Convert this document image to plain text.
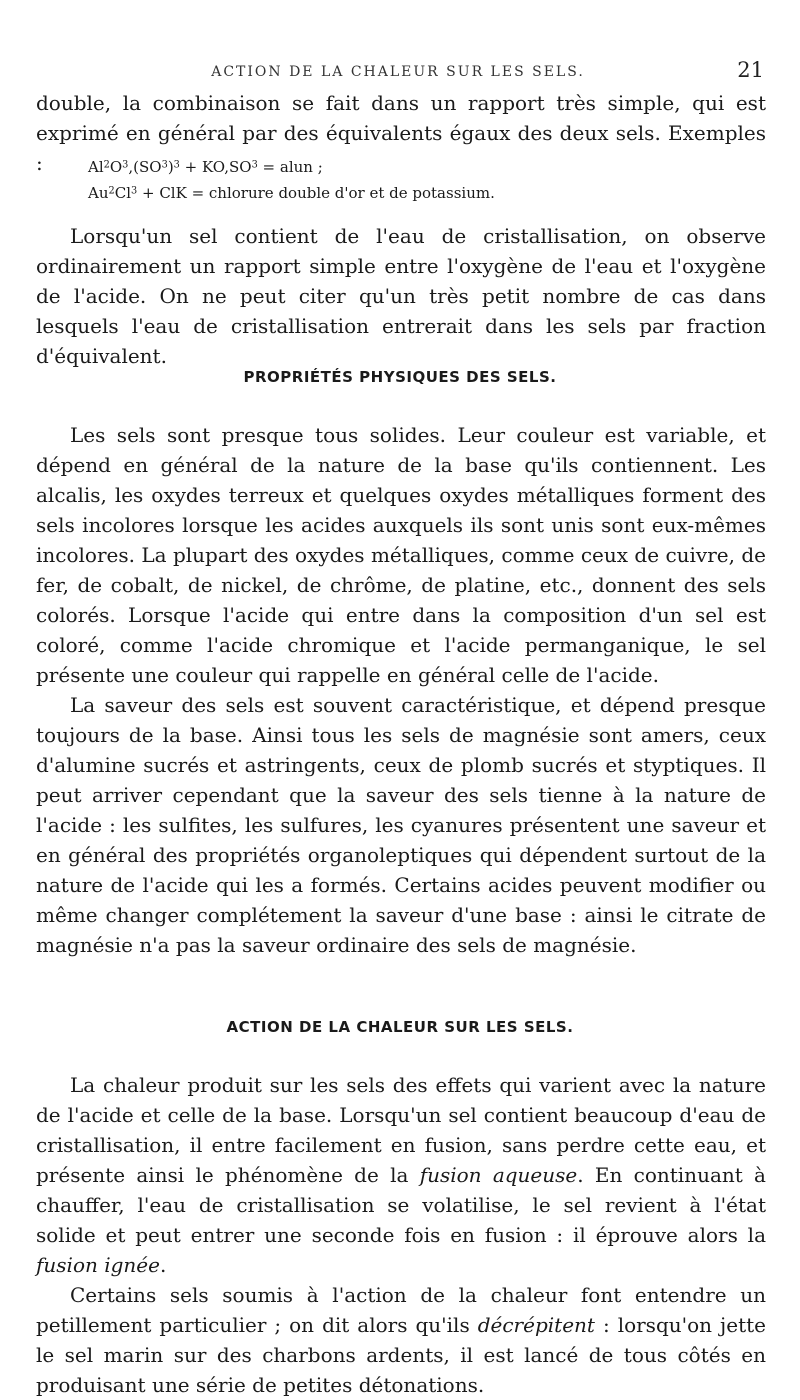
ACTION DE LA CHALEUR SUR LES SELS.	21

double, la combinaison se fait dans un rapport très simple, qui est exprimé en général par des équivalents égaux des deux sels. Exemples :	$Al^2O^3,(SO^3)^3 + KO,SO^3$ = alun ;
$Au^2Cl^3$ + ClK = chlorure double d'or et de potassium.

Lorsqu'un sel contient de l'eau de cristallisation, on observe ordinairement un rapport simple entre l'oxygène de l'eau et l'oxygène de l'acide. On ne peut citer qu'un très petit nombre de cas dans lesquels l'eau de cristallisation entrerait dans les sels par fraction d'équivalent.

PROPRIÉTÉS PHYSIQUES DES SELS.

Les sels sont presque tous solides. Leur couleur est variable, et dépend en général de la nature de la base qu'ils contiennent. Les alcalis, les oxydes terreux et quelques oxydes métalliques forment des sels incolores lorsque les acides auxquels ils sont unis sont eux-mêmes incolores. La plupart des oxydes métalliques, comme ceux de cuivre, de fer, de cobalt, de nickel, de chrôme, de platine, etc., donnent des sels colorés. Lorsque l'acide qui entre dans la composition d'un sel est coloré, comme l'acide chromique et l'acide permanganique, le sel présente une couleur qui rappelle en général celle de l'acide.

La saveur des sels est souvent caractéristique, et dépend presque toujours de la base. Ainsi tous les sels de magnésie sont amers, ceux d'alumine sucrés et astringents, ceux de plomb sucrés et styptiques. Il peut arriver cependant que la saveur des sels tienne à la nature de l'acide : les sulfites, les sulfures, les cyanures présentent une saveur et en général des propriétés organoleptiques qui dépendent surtout de la nature de l'acide qui les a formés. Certains acides peuvent modifier ou même changer complétement la saveur d'une base : ainsi le citrate de magnésie n'a pas la saveur ordinaire des sels de magnésie.

ACTION DE LA CHALEUR SUR LES SELS.

La chaleur produit sur les sels des effets qui varient avec la nature de l'acide et celle de la base. Lorsqu'un sel contient beaucoup d'eau de cristallisation, il entre facilement en fusion, sans perdre cette eau, et présente ainsi le phénomène de la fusion aqueuse. En continuant à chauffer, l'eau de cristallisation se volatilise, le sel revient à l'état solide et peut entrer une seconde fois en fusion : il éprouve alors la fusion ignée.

Certains sels soumis à l'action de la chaleur font entendre un petillement particulier ; on dit alors qu'ils décrépitent : lorsqu'on jette le sel marin sur des charbons ardents, il est lancé de tous côtés en produisant une série de petites détonations.
